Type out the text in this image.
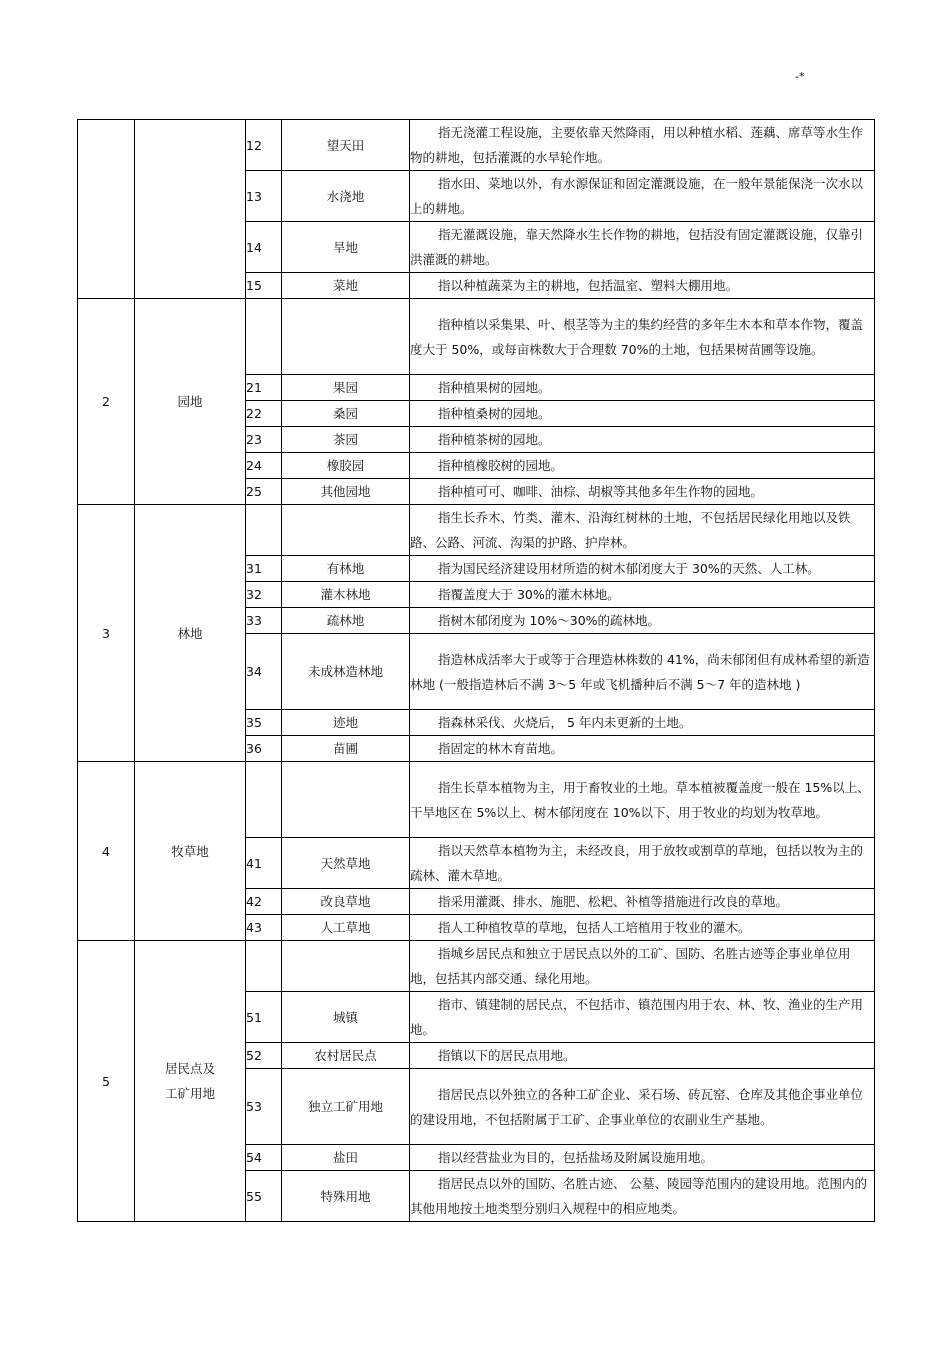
-*
		12	望天田	指无浇灌工程设施，主要依靠天然降雨，用以种植水稻、莲藕、席草等水生作物的耕地，包括灌溉的水旱轮作地。

		13	水浇地	指水田、菜地以外，有水源保证和固定灌溉设施，在一般年景能保浇一次水以上的耕地。

		14	旱地	指无灌溉设施，靠天然降水生长作物的耕地，包括没有固定灌溉设施，仅靠引洪灌溉的耕地。

		15	菜地	指以种植蔬菜为主的耕地，包括温室、塑料大棚用地。

2	园地			指种植以采集果、叶、根茎等为主的集约经营的多年生木本和草本作物，覆盖度大于 50%，或每亩株数大于合理数 70%的土地，包括果树苗圃等设施。

		21	果园	指种植果树的园地。

		22	桑园	指种植桑树的园地。

		23	茶园	指种植茶树的园地。

		24	橡胶园	指种植橡胶树的园地。

		25	其他园地	指种植可可、咖啡、油棕、胡椒等其他多年生作物的园地。

3	林地			指生长乔木、竹类、灌木、沿海红树林的土地，不包括居民绿化用地以及铁路、公路、河流、沟渠的护路、护岸林。

		31	有林地	指为国民经济建设用材所造的树木郁闭度大于 30%的天然、人工林。

		32	灌木林地	指覆盖度大于 30%的灌木林地。

		33	疏林地	指树木郁闭度为 10%～30%的疏林地。

		34	未成林造林地	指造林成活率大于或等于合理造林株数的 41%，尚未郁闭但有成林希望的新造林地 (一般指造林后不满 3～5 年或飞机播种后不满 5～7 年的造林地 )

		35	迹地	指森林采伐、火烧后， 5 年内未更新的土地。

		36	苗圃	指固定的林木育苗地。

4	牧草地			指生长草本植物为主，用于畜牧业的土地。草本植被覆盖度一般在 15%以上、干旱地区在 5%以上、树木郁闭度在 10%以下、用于牧业的均划为牧草地。

		41	天然草地	指以天然草本植物为主，未经改良，用于放牧或割草的草地，包括以牧为主的疏林、灌木草地。

		42	改良草地	指采用灌溉、排水、施肥、松耙、补植等措施进行改良的草地。

		43	人工草地	指人工种植牧草的草地，包括人工培植用于牧业的灌木。

5	居民点及工矿用地			指城乡居民点和独立于居民点以外的工矿、国防、名胜古迹等企事业单位用地，包括其内部交通、绿化用地。

		51	城镇	指市、镇建制的居民点，不包括市、镇范围内用于农、林、牧、渔业的生产用地。

		52	农村居民点	指镇以下的居民点用地。

		53	独立工矿用地	指居民点以外独立的各种工矿企业、采石场、砖瓦窑、仓库及其他企事业单位的建设用地，不包括附属于工矿、企事业单位的农副业生产基地。

		54	盐田	指以经营盐业为目的，包括盐场及附属设施用地。

		55	特殊用地	指居民点以外的国防、名胜古迹、 公墓、陵园等范围内的建设用地。范围内的其他用地按土地类型分别归入规程中的相应地类。
